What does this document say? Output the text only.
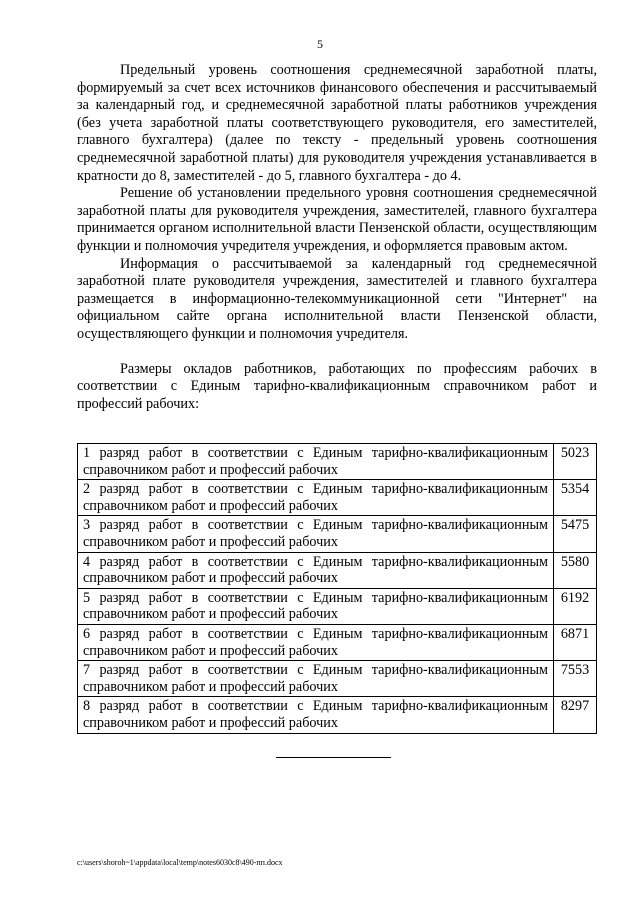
5

Предельный уровень соотношения среднемесячной заработной платы, формируемый за счет всех источников финансового обеспечения и рассчитываемый за календарный год, и среднемесячной заработной платы работников учреждения (без учета заработной платы соответствующего руководителя, его заместителей, главного бухгалтера) (далее по тексту - предельный уровень соотношения среднемесячной заработной платы) для руководителя учреждения устанавливается в кратности до 8, заместителей - до 5, главного бухгалтера - до 4.

Решение об установлении предельного уровня соотношения среднемесячной заработной платы для руководителя учреждения, заместителей, главного бухгалтера принимается органом исполнительной власти Пензенской области, осуществляющим функции и полномочия учредителя учреждения, и оформляется правовым актом.

Информация о рассчитываемой за календарный год среднемесячной заработной плате руководителя учреждения, заместителей и главного бухгалтера размещается в информационно-телекоммуникационной сети "Интернет" на официальном сайте органа исполнительной власти Пензенской области, осуществляющего функции и полномочия учредителя.

Размеры окладов работников, работающих по профессиям рабочих в соответствии с Единым тарифно-квалификационным справочником работ и профессий рабочих:

1 разряд работ в соответствии с Единым тарифно-квалификационным справочником работ и профессий рабочих	5023
2 разряд работ в соответствии с Единым тарифно-квалификационным справочником работ и профессий рабочих	5354
3 разряд работ в соответствии с Единым тарифно-квалификационным справочником работ и профессий рабочих	5475
4 разряд работ в соответствии с Единым тарифно-квалификационным справочником работ и профессий рабочих	5580
5 разряд работ в соответствии с Единым тарифно-квалификационным справочником работ и профессий рабочих	6192
6 разряд работ в соответствии с Единым тарифно-квалификационным справочником работ и профессий рабочих	6871
7 разряд работ в соответствии с Единым тарифно-квалификационным справочником работ и профессий рабочих	7553
8 разряд работ в соответствии с Единым тарифно-квалификационным справочником работ и профессий рабочих	8297
c:\users\shoroh~1\appdata\local\temp\notes6030c8\490-пп.docx
